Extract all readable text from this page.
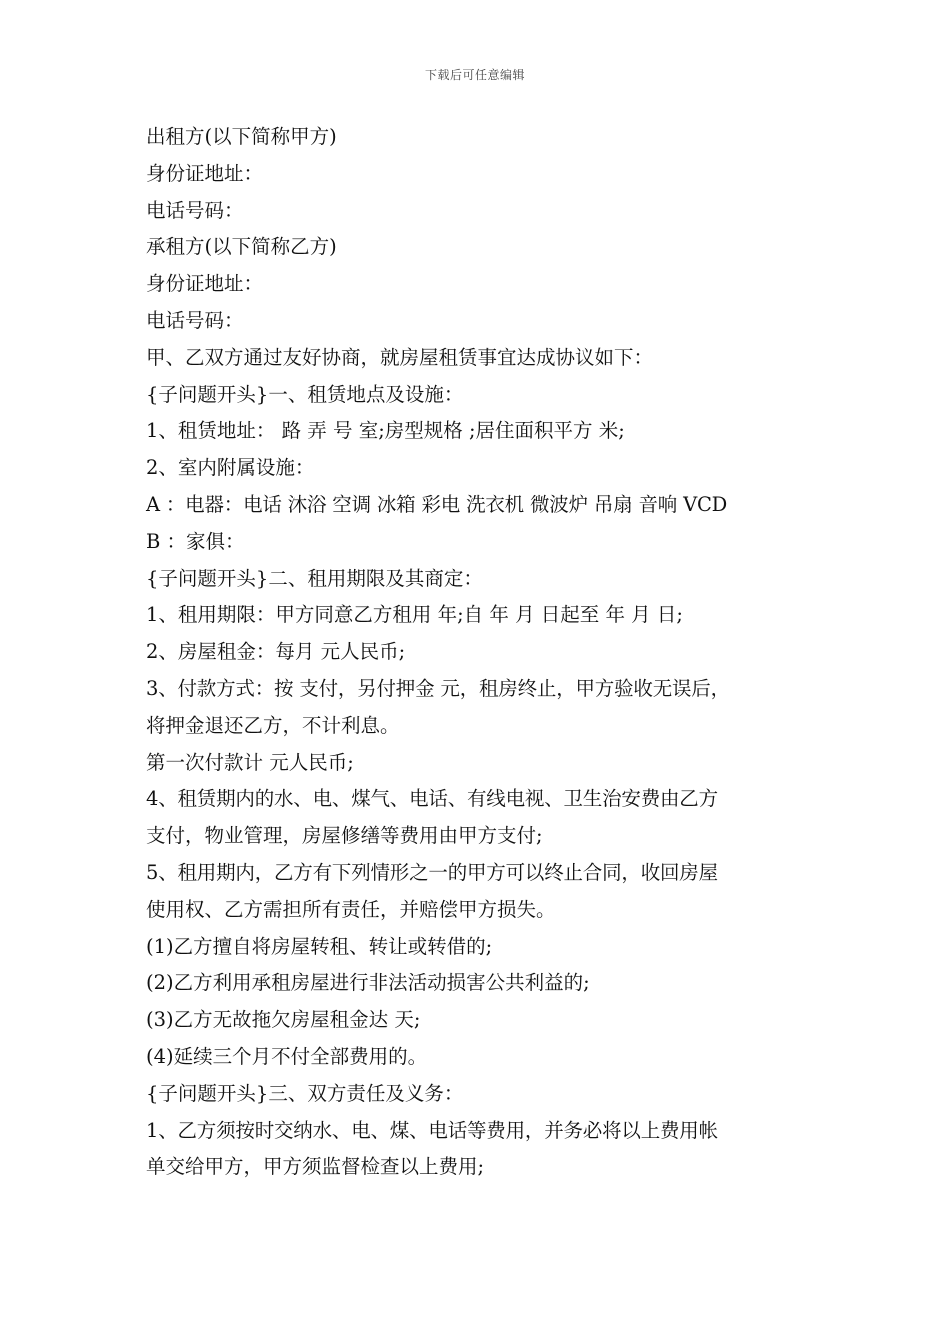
下载后可任意编辑
出租方(以下简称甲方)
身份证地址：
电话号码：
承租方(以下简称乙方)
身份证地址：
电话号码：
甲、乙双方通过友好协商，就房屋租赁事宜达成协议如下：
{子问题开头}一、租赁地点及设施：
1、租赁地址： 路 弄 号 室;房型规格 ;居住面积平方 米;
2、室内附属设施：
A ：电器：电话 沐浴 空调 冰箱 彩电 洗衣机 微波炉 吊扇 音响 VCD
B ：家俱：
{子问题开头}二、租用期限及其商定：
1、租用期限：甲方同意乙方租用 年;自 年 月 日起至 年 月 日;
2、房屋租金：每月 元人民币;
3、付款方式：按 支付，另付押金 元，租房终止，甲方验收无误后，
将押金退还乙方，不计利息。
第一次付款计 元人民币;
4、租赁期内的水、电、煤气、电话、有线电视、卫生治安费由乙方
支付，物业管理，房屋修缮等费用由甲方支付;
5、租用期内，乙方有下列情形之一的甲方可以终止合同，收回房屋
使用权、乙方需担所有责任，并赔偿甲方损失。
(1)乙方擅自将房屋转租、转让或转借的;
(2)乙方利用承租房屋进行非法活动损害公共利益的;
(3)乙方无故拖欠房屋租金达 天;
(4)延续三个月不付全部费用的。
{子问题开头}三、双方责任及义务：
1、乙方须按时交纳水、电、煤、电话等费用，并务必将以上费用帐
单交给甲方，甲方须监督检查以上费用;
